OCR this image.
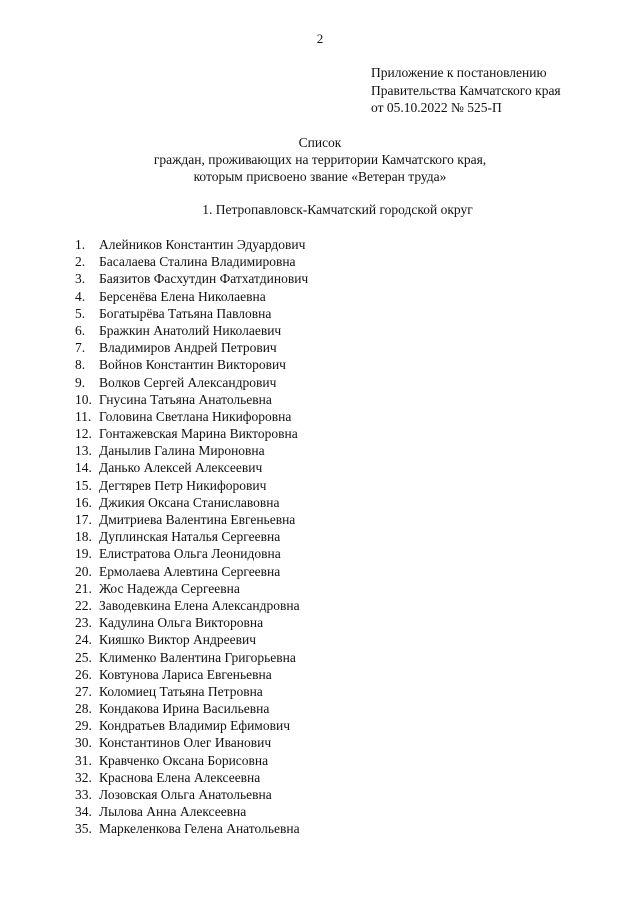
2
Приложение к постановлению
Правительства Камчатского края
от 05.10.2022 № 525-П
Список
граждан, проживающих на территории Камчатского края,
которым присвоено звание «Ветеран труда»
1. Петропавловск-Камчатский городской округ
1.	Алейников Константин Эдуардович
2.	Басалаева Сталина Владимировна
3.	Баязитов Фасхутдин Фатхатдинович
4.	Берсенёва Елена Николаевна
5.	Богатырёва Татьяна Павловна
6.	Бражкин Анатолий Николаевич
7.	Владимиров Андрей Петрович
8.	Войнов Константин Викторович
9.	Волков Сергей Александрович
10. Гнусина Татьяна Анатольевна
11. Головина Светлана Никифоровна
12. Гонтажевская Марина Викторовна
13. Данылив Галина Мироновна
14. Данько Алексей Алексеевич
15. Дегтярев Петр Никифорович
16. Джикия Оксана Станиславовна
17. Дмитриева Валентина Евгеньевна
18. Дуплинская Наталья Сергеевна
19. Елистратова Ольга Леонидовна
20. Ермолаева Алевтина Сергеевна
21. Жос Надежда Сергеевна
22. Заводевкина Елена Александровна
23. Кадулина Ольга Викторовна
24. Кияшко Виктор Андреевич
25. Клименко Валентина Григорьевна
26. Ковтунова Лариса Евгеньевна
27. Коломиец Татьяна Петровна
28. Кондакова Ирина Васильевна
29. Кондратьев Владимир Ефимович
30. Константинов Олег Иванович
31. Кравченко Оксана Борисовна
32. Краснова Елена Алексеевна
33. Лозовская Ольга Анатольевна
34. Лылова Анна Алексеевна
35. Маркеленкова Гелена Анатольевна
